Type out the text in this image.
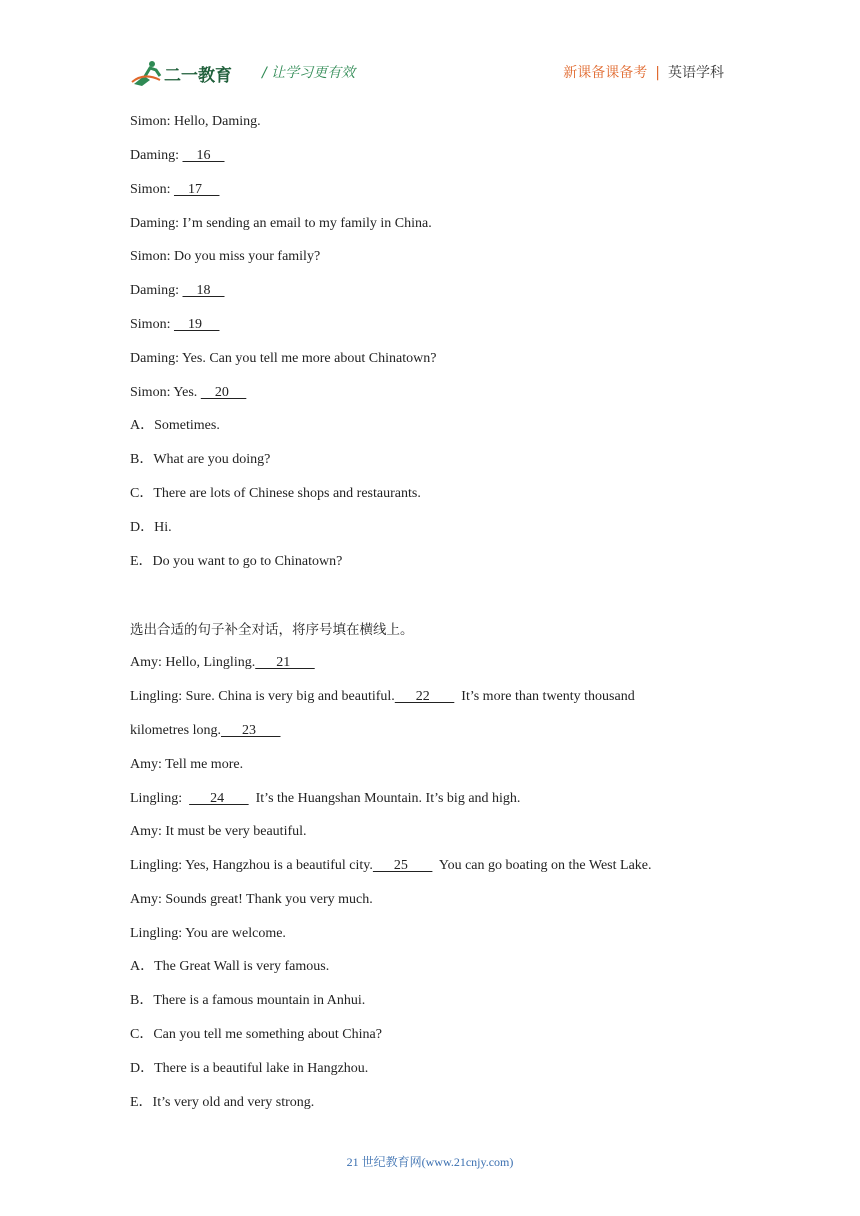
二一教育 / 让学习更有效	新课备课备考 | 英语学科
Simon: Hello, Daming.
Daming:     16
Simon:     17
Daming: I’m sending an email to my family in China.
Simon: Do you miss your family?
Daming:     18
Simon:     19
Daming: Yes. Can you tell me more about Chinatown?
Simon: Yes.     20
A．Sometimes.
B．What are you doing?
C．There are lots of Chinese shops and restaurants.
D．Hi.
E．Do you want to go to Chinatown?
选出合适的句子补全对话，将序号填在横线上。
Amy: Hello, Lingling.      21
Lingling: Sure. China is very big and beautiful.      22         It’s more than twenty thousand
kilometres long.      23
Amy: Tell me more.
Lingling:        24         It’s the Huangshan Mountain. It’s big and high.
Amy: It must be very beautiful.
Lingling: Yes, Hangzhou is a beautiful city.      25         You can go boating on the West Lake.
Amy: Sounds great! Thank you very much.
Lingling: You are welcome.
A．The Great Wall is very famous.
B．There is a famous mountain in Anhui.
C．Can you tell me something about China?
D．There is a beautiful lake in Hangzhou.
E．It’s very old and very strong.
21 世纪教育网(www.21cnjy.com)
